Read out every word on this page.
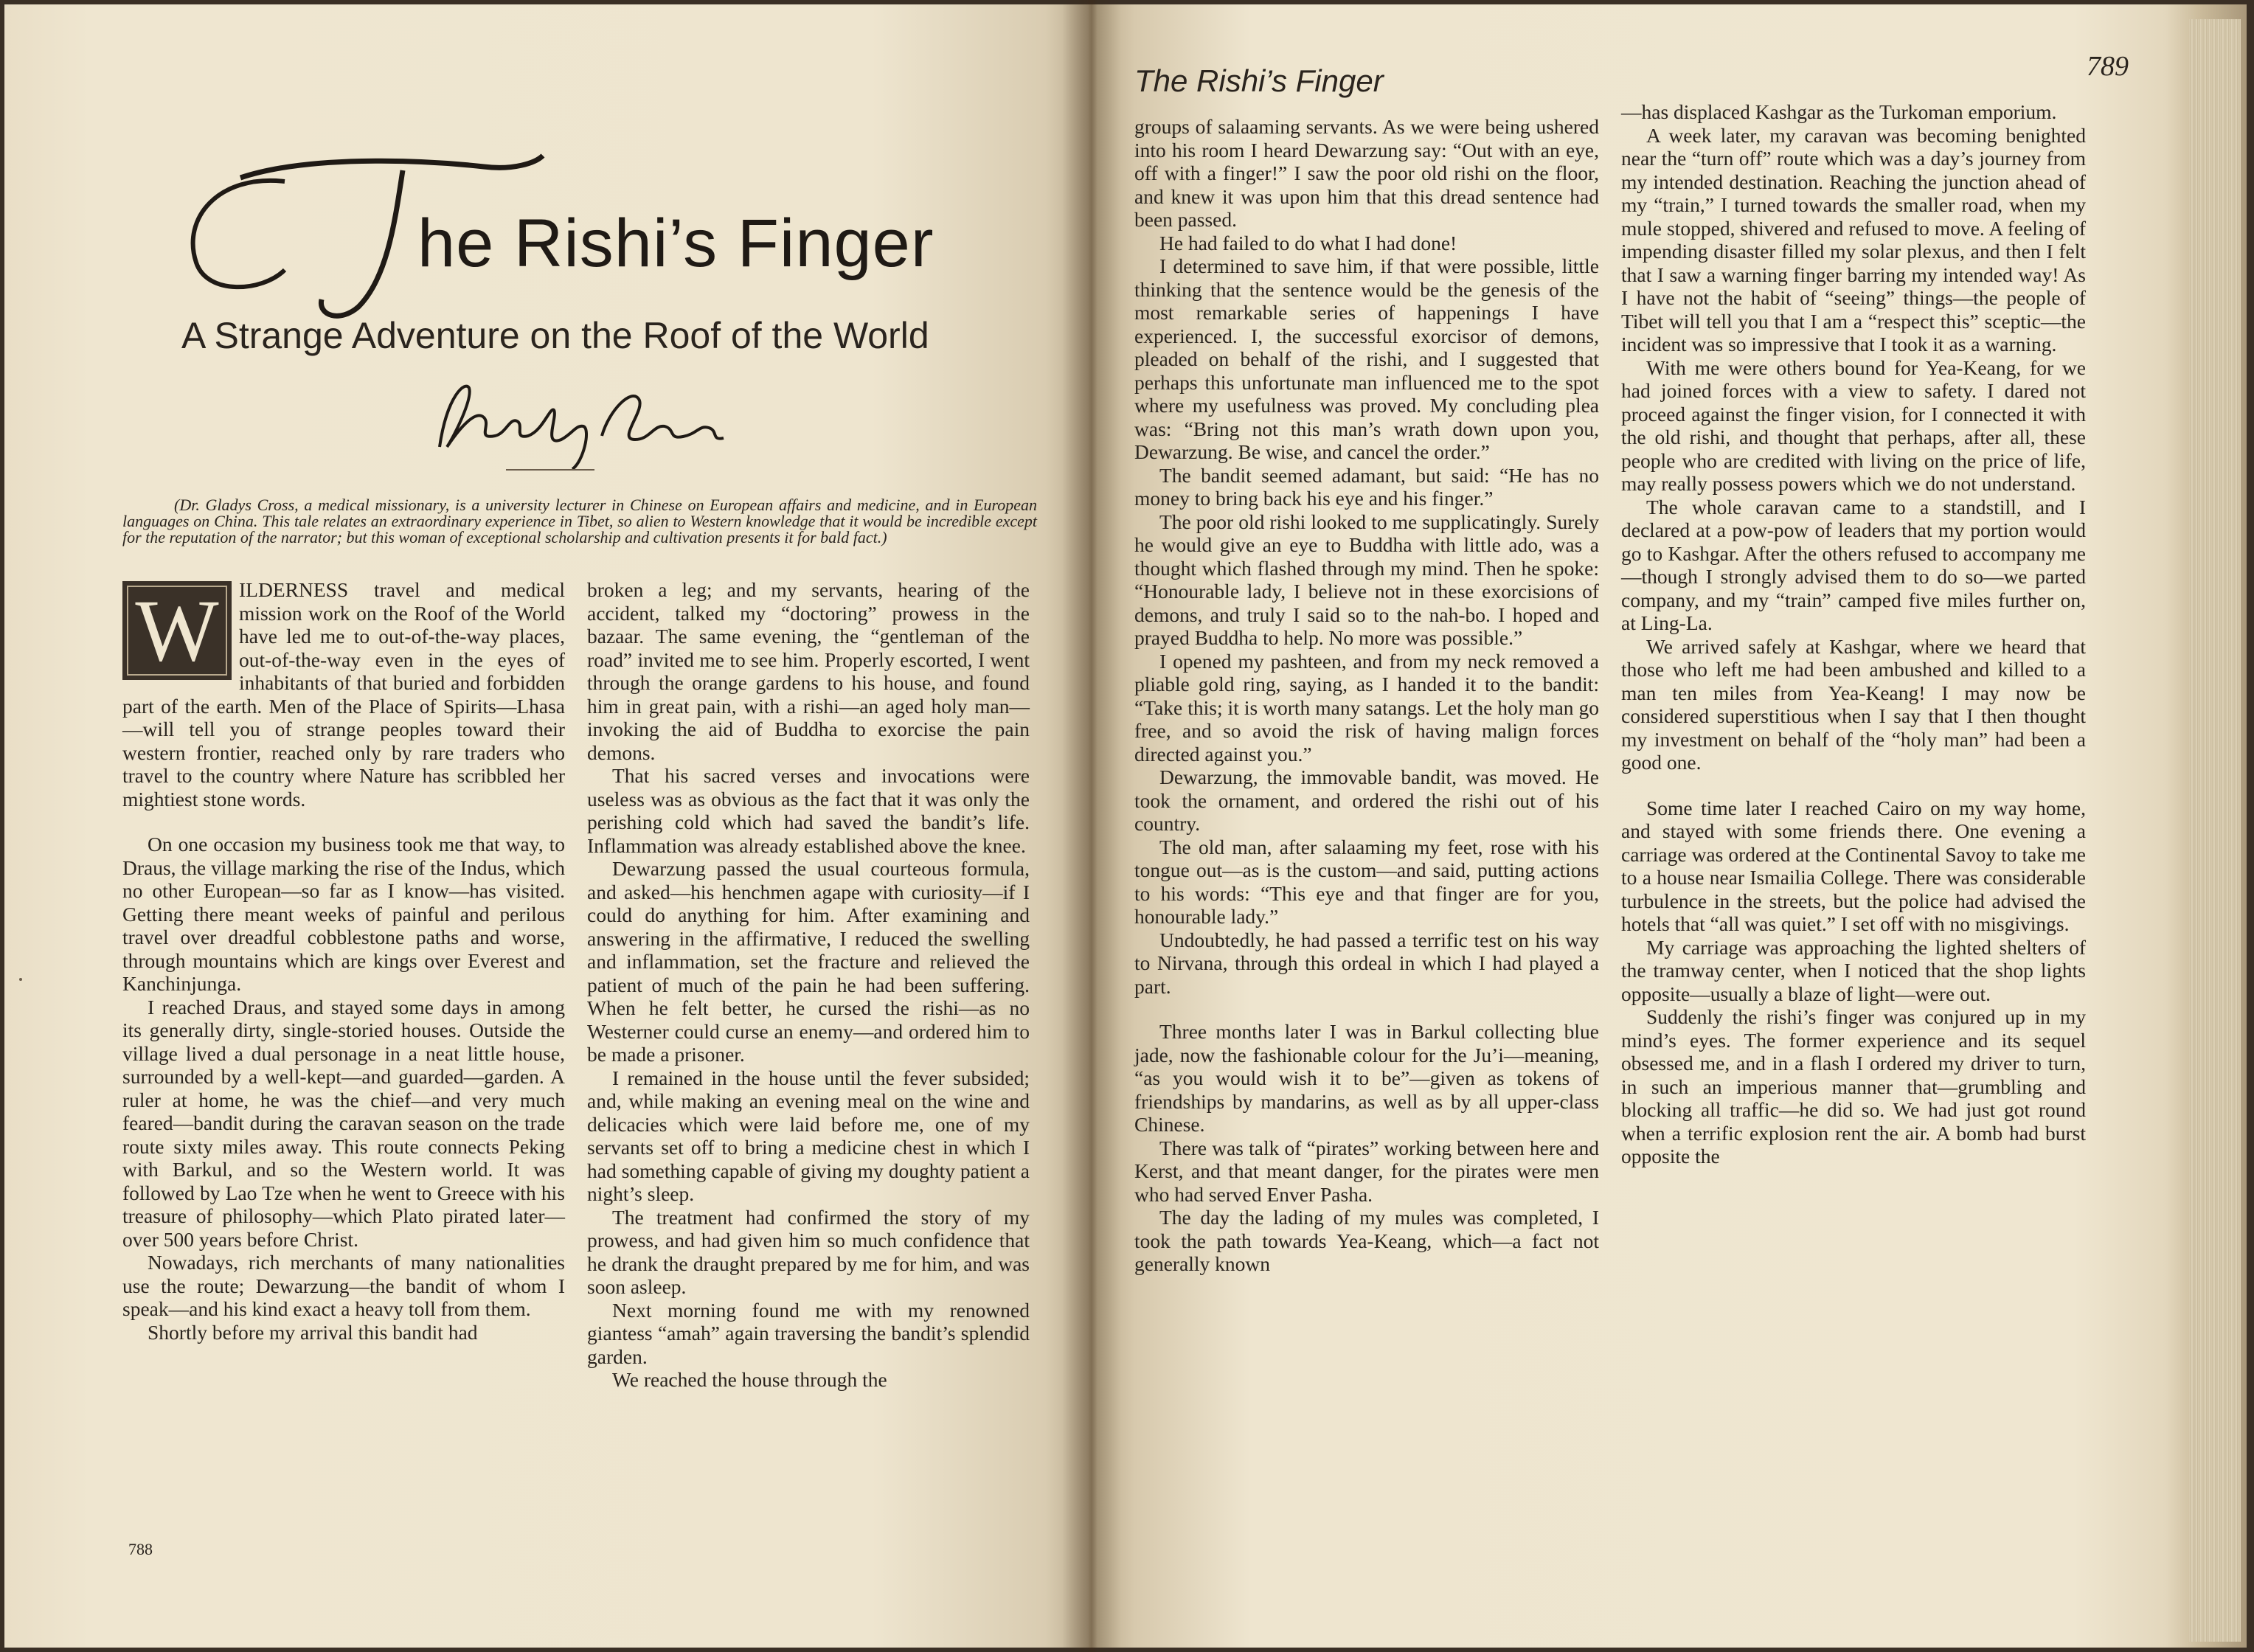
he Rishi’s Finger
A Strange Adventure on the Roof of the World

(Dr. Gladys Cross, a medical missionary, is a university lecturer in Chinese on European affairs and medicine, and in European languages on China. This tale relates an extraordinary experience in Tibet, so alien to Western knowledge that it would be incredible except for the reputation of the narrator; but this woman of exceptional scholarship and cultivation presents it for bald fact.)

W ILDERNESS travel and medical mission work on the Roof of the World have led me to out-of-the-way places, out-of-the-way even in the eyes of inhabitants of that buried and forbidden part of the earth. Men of the Place of Spirits—Lhasa—will tell you of strange peoples toward their western frontier, reached only by rare traders who travel to the country where Nature has scribbled her mightiest stone words.

On one occasion my business took me that way, to Draus, the village marking the rise of the Indus, which no other European—so far as I know—has visited. Getting there meant weeks of painful and perilous travel over dreadful cobblestone paths and worse, through mountains which are kings over Everest and Kanchinjunga.

I reached Draus, and stayed some days in among its generally dirty, single-storied houses. Outside the village lived a dual personage in a neat little house, surrounded by a well-kept—and guarded—garden. A ruler at home, he was the chief—and very much feared—bandit during the caravan season on the trade route sixty miles away. This route connects Peking with Barkul, and so the Western world. It was followed by Lao Tze when he went to Greece with his treasure of philosophy—which Plato pirated later—over 500 years before Christ.

Nowadays, rich merchants of many nationalities use the route; Dewarzung—the bandit of whom I speak—and his kind exact a heavy toll from them.

Shortly before my arrival this bandit had

broken a leg; and my servants, hearing of the accident, talked my “doctoring” prowess in the bazaar. The same evening, the “gentleman of the road” invited me to see him. Properly escorted, I went through the orange gardens to his house, and found him in great pain, with a rishi—an aged holy man—invoking the aid of Buddha to exorcise the pain demons.

That his sacred verses and invocations were useless was as obvious as the fact that it was only the perishing cold which had saved the bandit’s life. Inflammation was already established above the knee.

Dewarzung passed the usual courteous formula, and asked—his henchmen agape with curiosity—if I could do anything for him. After examining and answering in the affirmative, I reduced the swelling and inflammation, set the fracture and relieved the patient of much of the pain he had been suffering. When he felt better, he cursed the rishi—as no Westerner could curse an enemy—and ordered him to be made a prisoner.

I remained in the house until the fever subsided; and, while making an evening meal on the wine and delicacies which were laid before me, one of my servants set off to bring a medicine chest in which I had something capable of giving my doughty patient a night’s sleep.

The treatment had confirmed the story of my prowess, and had given him so much confidence that he drank the draught prepared by me for him, and was soon asleep.

Next morning found me with my renowned giantess “amah” again traversing the bandit’s splendid garden.

We reached the house through the

788
The Rishi’s Finger	789

groups of salaaming servants. As we were being ushered into his room I heard Dewarzung say: “Out with an eye, off with a finger!” I saw the poor old rishi on the floor, and knew it was upon him that this dread sentence had been passed.

He had failed to do what I had done!

I determined to save him, if that were possible, little thinking that the sentence would be the genesis of the most remarkable series of happenings I have experienced. I, the successful exorcisor of demons, pleaded on behalf of the rishi, and I suggested that perhaps this unfortunate man influenced me to the spot where my usefulness was proved. My concluding plea was: “Bring not this man’s wrath down upon you, Dewarzung. Be wise, and cancel the order.”

The bandit seemed adamant, but said: “He has no money to bring back his eye and his finger.”

The poor old rishi looked to me supplicatingly. Surely he would give an eye to Buddha with little ado, was a thought which flashed through my mind. Then he spoke: “Honourable lady, I believe not in these exorcisions of demons, and truly I said so to the nah-bo. I hoped and prayed Buddha to help. No more was possible.”

I opened my pashteen, and from my neck removed a pliable gold ring, saying, as I handed it to the bandit: “Take this; it is worth many satangs. Let the holy man go free, and so avoid the risk of having malign forces directed against you.”

Dewarzung, the immovable bandit, was moved. He took the ornament, and ordered the rishi out of his country.

The old man, after salaaming my feet, rose with his tongue out—as is the custom—and said, putting actions to his words: “This eye and that finger are for you, honourable lady.”

Undoubtedly, he had passed a terrific test on his way to Nirvana, through this ordeal in which I had played a part.

Three months later I was in Barkul collecting blue jade, now the fashionable colour for the Ju’i—meaning, “as you would wish it to be”—given as tokens of friendships by mandarins, as well as by all upper-class Chinese.

There was talk of “pirates” working between here and Kerst, and that meant danger, for the pirates were men who had served Enver Pasha.

The day the lading of my mules was completed, I took the path towards Yea-Keang, which—a fact not generally known

—has displaced Kashgar as the Turkoman emporium.

A week later, my caravan was becoming benighted near the “turn off” route which was a day’s journey from my intended destination. Reaching the junction ahead of my “train,” I turned towards the smaller road, when my mule stopped, shivered and refused to move. A feeling of impending disaster filled my solar plexus, and then I felt that I saw a warning finger barring my intended way! As I have not the habit of “seeing” things—the people of Tibet will tell you that I am a “respect this” sceptic—the incident was so impressive that I took it as a warning.

With me were others bound for Yea-Keang, for we had joined forces with a view to safety. I dared not proceed against the finger vision, for I connected it with the old rishi, and thought that perhaps, after all, these people who are credited with living on the price of life, may really possess powers which we do not understand.

The whole caravan came to a standstill, and I declared at a pow-pow of leaders that my portion would go to Kashgar. After the others refused to accompany me—though I strongly advised them to do so—we parted company, and my “train” camped five miles further on, at Ling-La.

We arrived safely at Kashgar, where we heard that those who left me had been ambushed and killed to a man ten miles from Yea-Keang! I may now be considered superstitious when I say that I then thought my investment on behalf of the “holy man” had been a good one.

Some time later I reached Cairo on my way home, and stayed with some friends there. One evening a carriage was ordered at the Continental Savoy to take me to a house near Ismailia College. There was considerable turbulence in the streets, but the police had advised the hotels that “all was quiet.” I set off with no misgivings.

My carriage was approaching the lighted shelters of the tramway center, when I noticed that the shop lights opposite—usually a blaze of light—were out.

Suddenly the rishi’s finger was conjured up in my mind’s eyes. The former experience and its sequel obsessed me, and in a flash I ordered my driver to turn, in such an imperious manner that—grumbling and blocking all traffic—he did so. We had just got round when a terrific explosion rent the air. A bomb had burst opposite the
